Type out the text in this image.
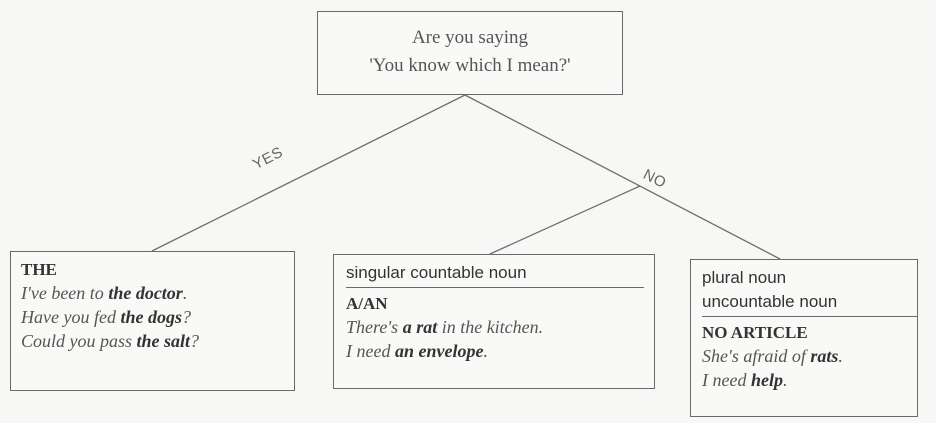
YES
NO
Are you saying
'You know which I mean?'
THE
I've been to the doctor.
Have you fed the dogs?
Could you pass the salt?
singular countable noun
A/AN
There's a rat in the kitchen.
I need an envelope.
plural noun
uncountable noun
NO ARTICLE
She's afraid of rats.
I need help.
